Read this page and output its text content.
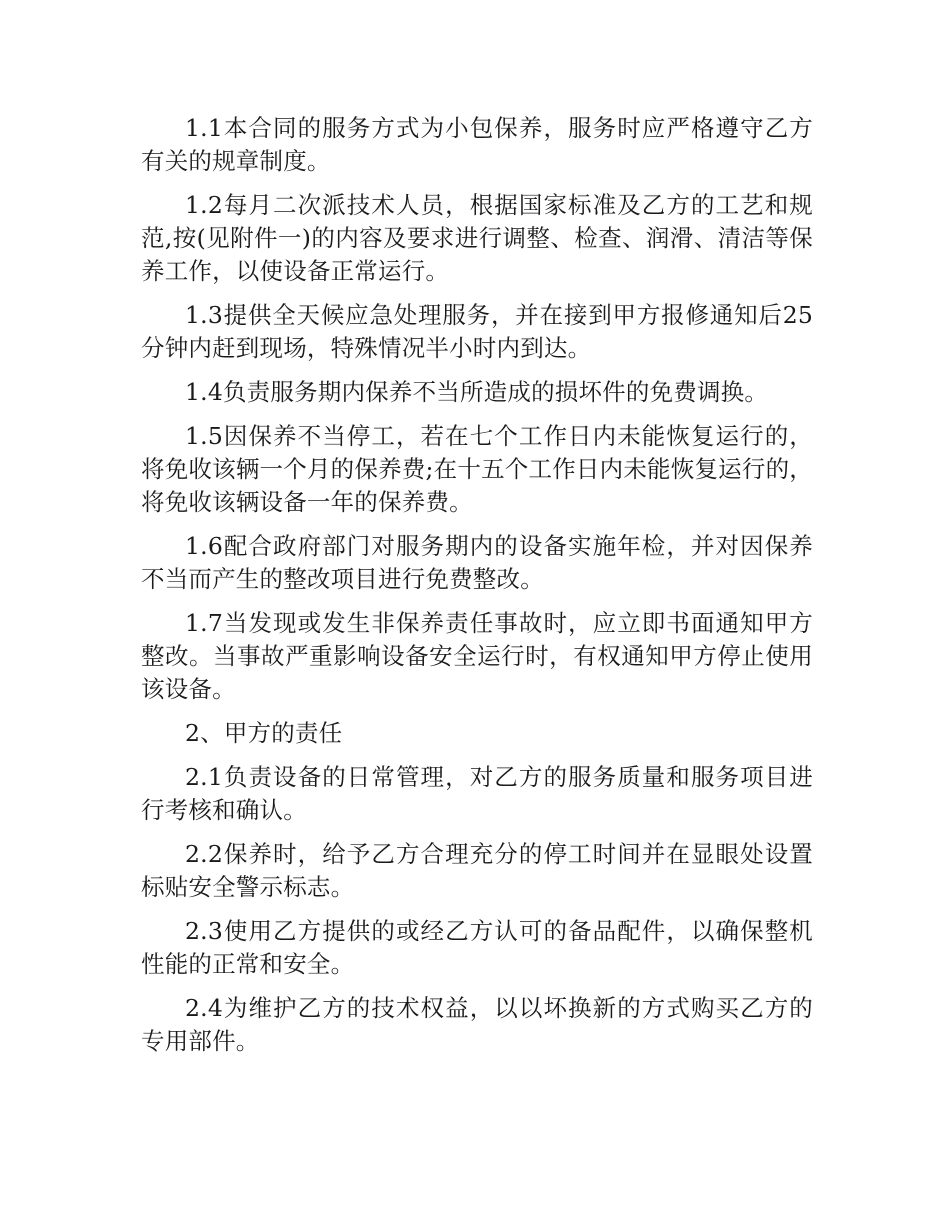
1.1本合同的服务方式为小包保养，服务时应严格遵守乙方有关的规章制度。

1.2每月二次派技术人员，根据国家标准及乙方的工艺和规范,按(见附件一)的内容及要求进行调整、检查、润滑、清洁等保养工作，以使设备正常运行。

1.3提供全天候应急处理服务，并在接到甲方报修通知后25分钟内赶到现场，特殊情况半小时内到达。

1.4负责服务期内保养不当所造成的损坏件的免费调换。

1.5因保养不当停工，若在七个工作日内未能恢复运行的，将免收该辆一个月的保养费;在十五个工作日内未能恢复运行的，将免收该辆设备一年的保养费。

1.6配合政府部门对服务期内的设备实施年检，并对因保养不当而产生的整改项目进行免费整改。

1.7当发现或发生非保养责任事故时，应立即书面通知甲方整改。当事故严重影响设备安全运行时，有权通知甲方停止使用该设备。

2、甲方的责任

2.1负责设备的日常管理，对乙方的服务质量和服务项目进行考核和确认。

2.2保养时，给予乙方合理充分的停工时间并在显眼处设置标贴安全警示标志。

2.3使用乙方提供的或经乙方认可的备品配件，以确保整机性能的正常和安全。

2.4为维护乙方的技术权益，以以坏换新的方式购买乙方的专用部件。
